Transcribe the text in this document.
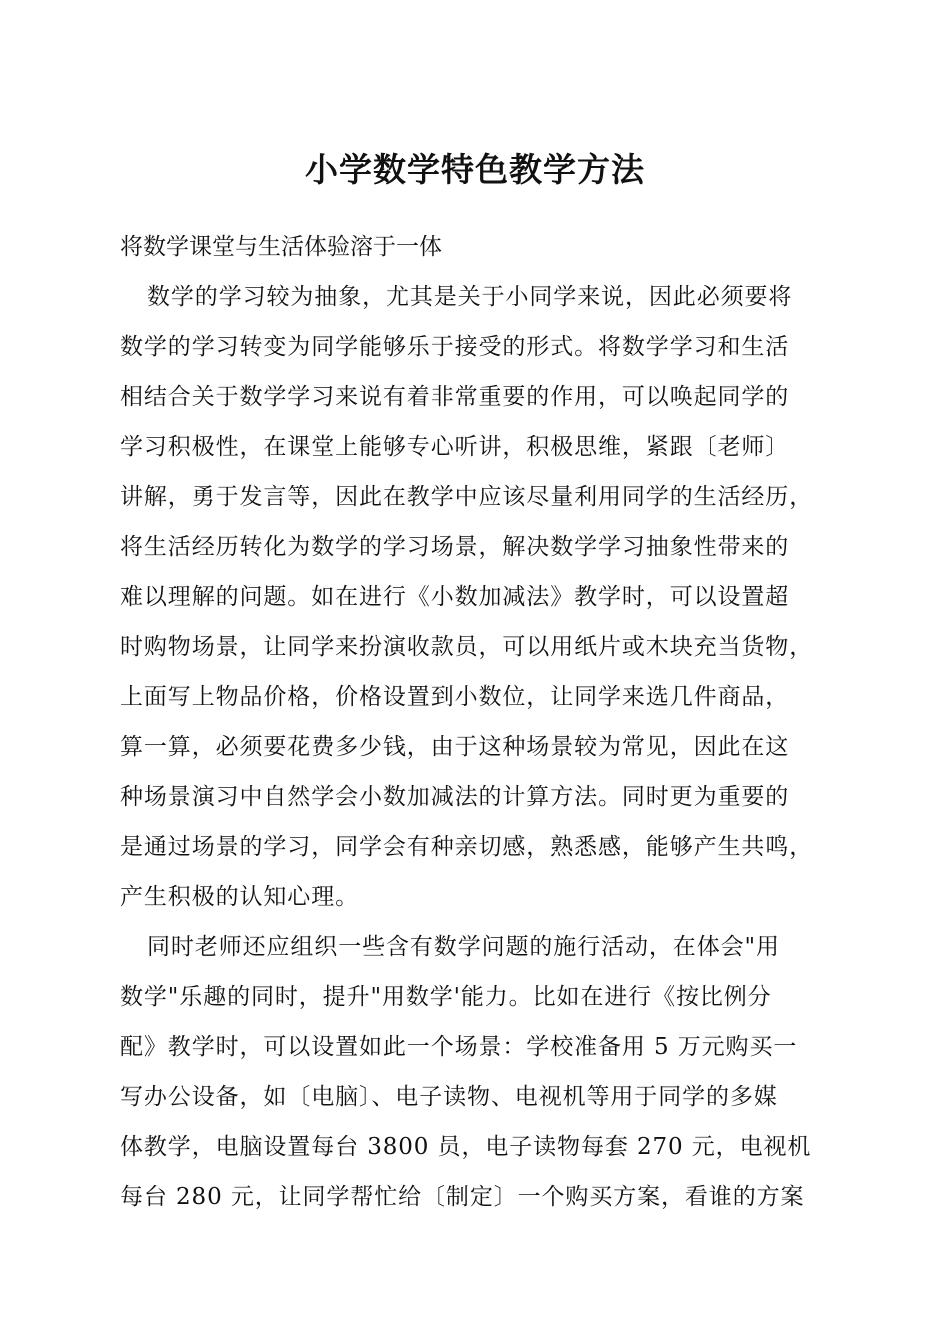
小学数学特色教学方法

将数学课堂与生活体验溶于一体

数学的学习较为抽象，尤其是关于小同学来说，因此必须要将
数学的学习转变为同学能够乐于接受的形式。将数学学习和生活
相结合关于数学学习来说有着非常重要的作用，可以唤起同学的
学习积极性，在课堂上能够专心听讲，积极思维，紧跟〔老师〕
讲解，勇于发言等，因此在教学中应该尽量利用同学的生活经历，
将生活经历转化为数学的学习场景，解决数学学习抽象性带来的
难以理解的问题。如在进行《小数加减法》教学时，可以设置超
时购物场景，让同学来扮演收款员，可以用纸片或木块充当货物，
上面写上物品价格，价格设置到小数位，让同学来选几件商品，
算一算，必须要花费多少钱，由于这种场景较为常见，因此在这
种场景演习中自然学会小数加减法的计算方法。同时更为重要的
是通过场景的学习，同学会有种亲切感，熟悉感，能够产生共鸣，
产生积极的认知心理。
同时老师还应组织一些含有数学问题的施行活动，在体会"用
数学"乐趣的同时，提升"用数学'能力。比如在进行《按比例分
配》教学时，可以设置如此一个场景：学校准备用 5 万元购买一
写办公设备，如〔电脑〕、电子读物、电视机等用于同学的多媒
体教学，电脑设置每台 3800 员，电子读物每套 270 元，电视机
每台 280 元，让同学帮忙给〔制定〕一个购买方案，看谁的方案
